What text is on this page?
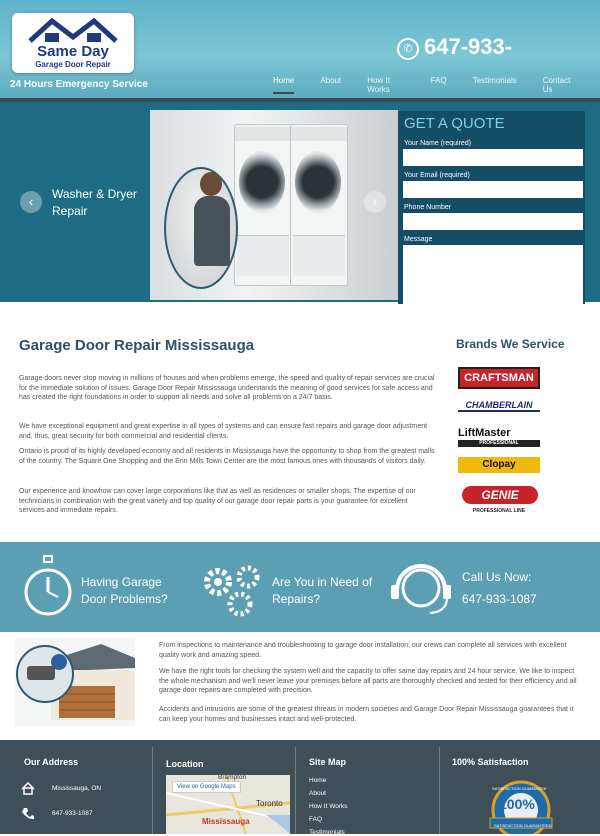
Same Day
Garage Door Repair
24 Hours Emergency Service
✆ 647-933-
Home	About	How It Works
FAQ	Testimonials	Contact Us
Washer & Dryer Repair
‹	›
GET A QUOTE
Your Name (required)
Your Email (required)
Phone Number
Message
Garage Door Repair Mississauga
Garage doors never stop moving in millions of houses and when problems emerge, the speed and quality of repair services are crucial for the immediate solution of issues. Garage Door Repair Mississauga understands the meaning of good services for safe access and has created the right foundations in order to support all needs and solve all problems on a 24/7 basis.
We have exceptional equipment and great expertise in all types of systems and can ensure fast repairs and garage door adjustment and, thus, great security for both commercial and residential clients.
Ontario is proud of its highly developed economy and all residents in Mississauga have the opportunity to shop from the greatest malls of the country. The Square One Shopping and the Erin Mills Town Center are the most famous ones with thousands of visitors daily.
Our experience and knowhow can cover large corporations like that as well as residences or smaller shops. The expertise of our technicians in combination with the great variety and top quality of our garage door repair parts is your guarantee for excellent services and immediate repairs.
Brands We Service
CRAFTSMAN
CHAMBERLAIN
LiftMaster
PROFESSIONAL
Clopay
GENIE
PROFESSIONAL LINE
Having Garage Door Problems?
Are You in Need of Repairs?
Call Us Now:
647-933-1087
From inspections to maintenance and troubleshooting to garage door installation, our crews can complete all services with excellent quality work and amazing speed.
We have the right tools for checking the system well and the capacity to offer same day repairs and 24 hour service. We like to inspect the whole mechanism and we'll never leave your premises before all parts are thoroughly checked and tested for their efficiency and all garage door repairs are completed with precision.
Accidents and intrusions are some of the greatest threats in modern societies and Garage Door Repair Mississauga guarantees that it can keep your homes and businesses intact and well-protected.
Our Address
Mississauga, ON
647-933-1087
Location
View on Google Maps
Brampton
Toronto
Mississauga
Site Map
Home
About
How It Works
FAQ
Testimonials
100% Satisfaction
100%
SATISFACTION GUARANTEE
SATISFACTION GUARANTEED
